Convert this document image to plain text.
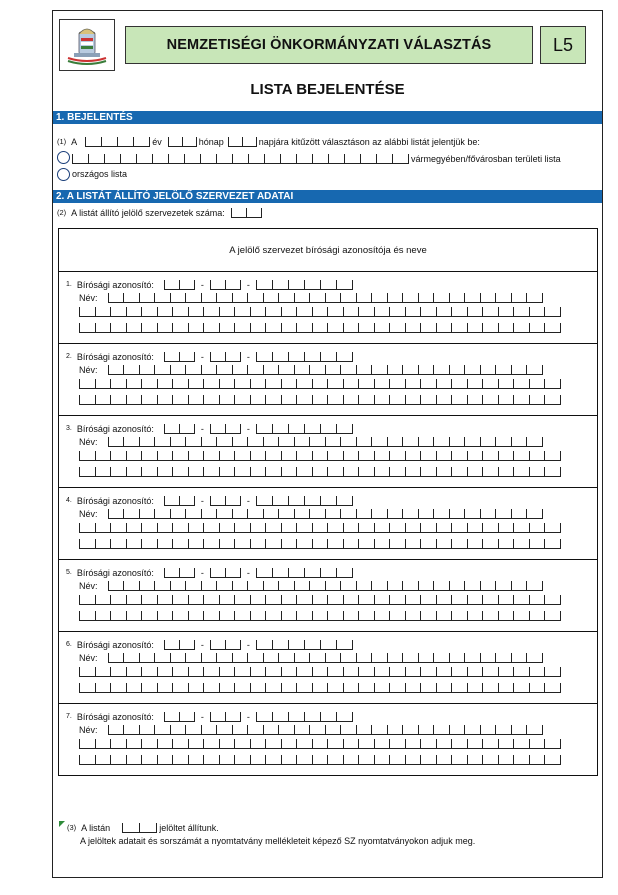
NEMZETISÉGI ÖNKORMÁNYZATI VÁLASZTÁS	L5
LISTA BEJELENTÉSE
1. BEJELENTÉS
(1) A	év	hónap	napjára kitűzött választáson az alábbi listát jelentjük be:
vármegyében/fővárosban területi lista
országos lista
2. A LISTÁT ÁLLÍTÓ JELÖLŐ SZERVEZET ADATAI
(2) A listát állító jelölő szervezetek száma:
A jelölő szervezet bírósági azonosítója és neve
1. Bírósági azonosító:	-	-
Név:
2. Bírósági azonosító:	-	-
Név:
3. Bírósági azonosító:	-	-
Név:
4. Bírósági azonosító:	-	-
Név:
5. Bírósági azonosító:	-	-
Név:
6. Bírósági azonosító:	-	-
Név:
7. Bírósági azonosító:	-	-
Név:
(3) A listán	jelöltet állítunk.
A jelöltek adatait és sorszámát a nyomtatvány mellékleteit képező SZ nyomtatványokon adjuk meg.
